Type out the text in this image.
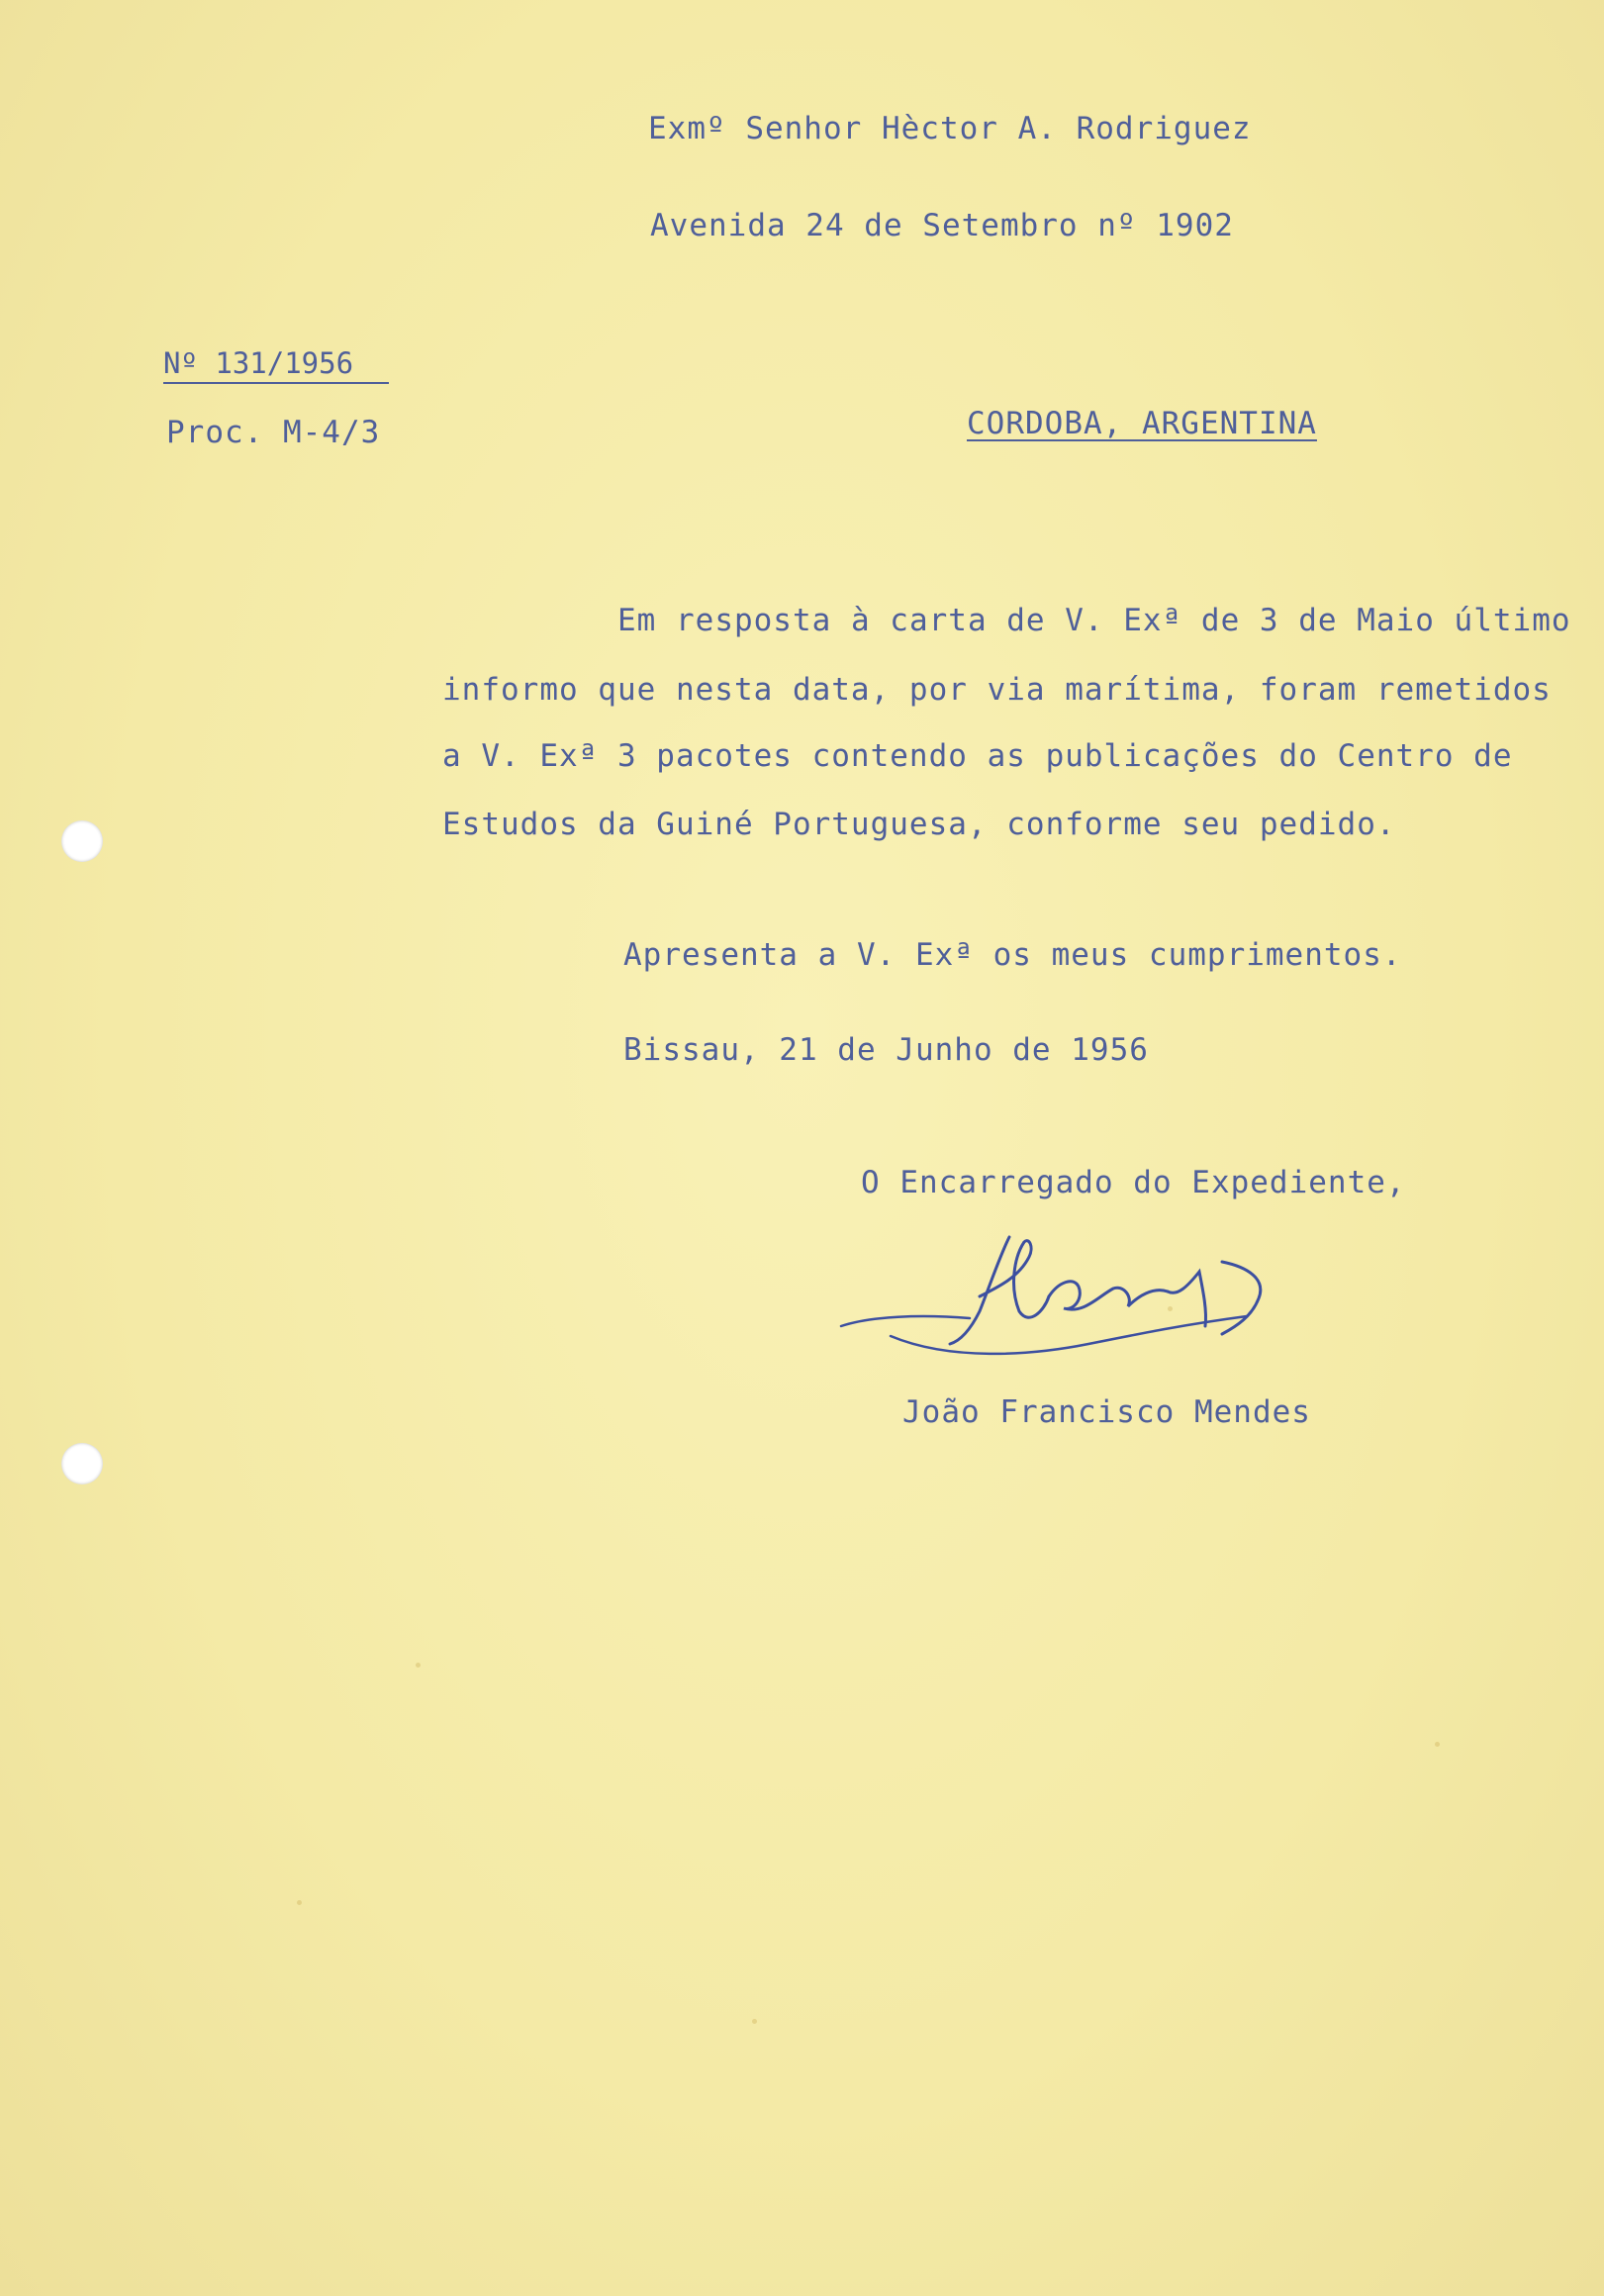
Exmº Senhor Hèctor A. Rodriguez
Avenida 24 de Setembro nº 1902
Nº 131/1956
Proc. M-4/3	CORDOBA, ARGENTINA
Em resposta à carta de V. Exª de 3 de Maio último
informo que nesta data, por via marítima, foram remetidos
a V. Exª 3 pacotes contendo as publicações do Centro de
Estudos da Guiné Portuguesa, conforme seu pedido.
Apresenta a V. Exª os meus cumprimentos.
Bissau, 21 de Junho de 1956
O Encarregado do Expediente,
João Francisco Mendes
